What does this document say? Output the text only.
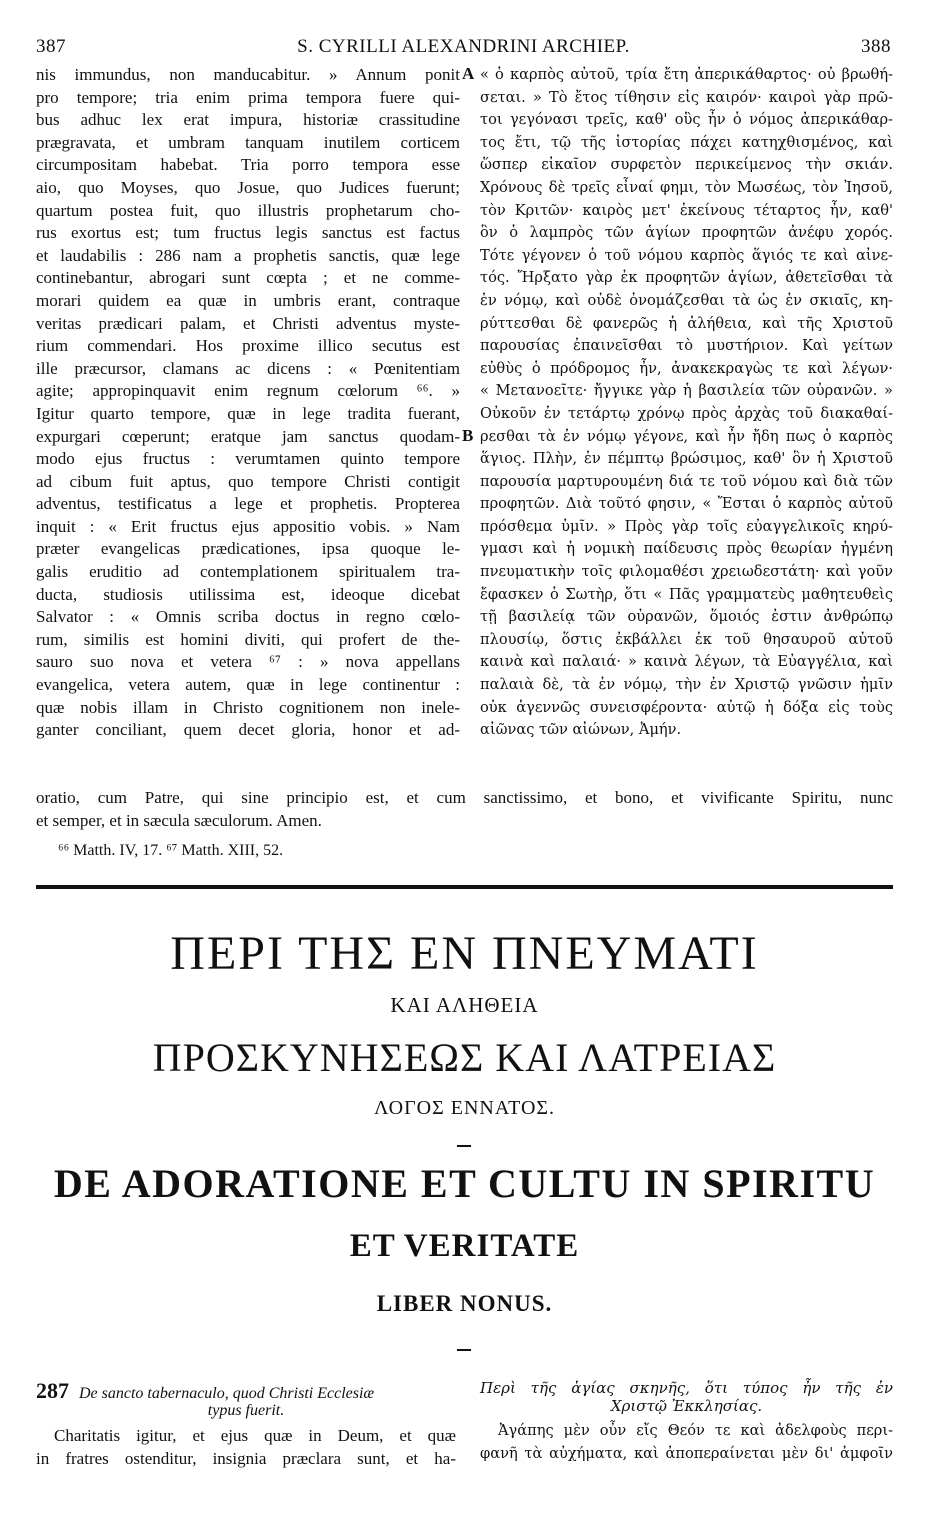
387	S. CYRILLI ALEXANDRINI ARCHIEP.	388
nis immundus, non manducabitur. » Annum ponit
pro tempore; tria enim prima tempora fuere qui-
bus adhuc lex erat impura, historiæ crassitudine
prægravata, et umbram tanquam inutilem corticem
circumpositam habebat. Tria porro tempora esse
aio, quo Moyses, quo Josue, quo Judices fuerunt;
quartum postea fuit, quo illustris prophetarum cho-
rus exortus est; tum fructus legis sanctus est factus
et laudabilis : 286 nam a prophetis sanctis, quæ lege
continebantur, abrogari sunt cœpta ; et ne comme-
morari quidem ea quæ in umbris erant, contraque
veritas prædicari palam, et Christi adventus myste-
rium commendari. Hos proxime illico secutus est
ille præcursor, clamans ac dicens : « Pœnitentiam
agite; appropinquavit enim regnum cœlorum ⁶⁶. »
Igitur quarto tempore, quæ in lege tradita fuerant,
expurgari cœperunt; eratque jam sanctus quodam-
modo ejus fructus : verumtamen quinto tempore
ad cibum fuit aptus, quo tempore Christi contigit
adventus, testificatus a lege et prophetis. Propterea
inquit : « Erit fructus ejus appositio vobis. » Nam
præter evangelicas prædicationes, ipsa quoque le-
galis eruditio ad contemplationem spiritualem tra-
ducta, studiosis utilissima est, ideoque dicebat
Salvator : « Omnis scriba doctus in regno cœlo-
rum, similis est homini diviti, qui profert de the-
sauro suo nova et vetera ⁶⁷ : » nova appellans
evangelica, vetera autem, quæ in lege continentur :
quæ nobis illam in Christo cognitionem non inele-
ganter conciliant, quem decet gloria, honor et ad-
« ὁ καρπὸς αὐτοῦ, τρία ἔτη ἀπερικάθαρτος· οὐ βρωθή-
σεται. » Τὸ ἔτος τίθησιν εἰς καιρόν· καιροὶ γὰρ πρῶ-
τοι γεγόνασι τρεῖς, καθ' οὓς ἦν ὁ νόμος ἀπερικάθαρ-
τος ἔτι, τῷ τῆς ἱστορίας πάχει κατηχθισμένος, καὶ
ὥσπερ εἰκαῖον συρφετὸν περικείμενος τὴν σκιάν.
Χρόνους δὲ τρεῖς εἶναί φημι, τὸν Μωσέως, τὸν Ἰησοῦ,
τὸν Κριτῶν· καιρὸς μετ' ἐκείνους τέταρτος ἦν, καθ'
ὃν ὁ λαμπρὸς τῶν ἁγίων προφητῶν ἀνέφυ χορός.
Τότε γέγονεν ὁ τοῦ νόμου καρπὸς ἅγιός τε καὶ αἰνε-
τός. Ἤρξατο γὰρ ἐκ προφητῶν ἁγίων, ἀθετεῖσθαι τὰ
ἐν νόμῳ, καὶ οὐδὲ ὀνομάζεσθαι τὰ ὡς ἐν σκιαῖς, κη-
ρύττεσθαι δὲ φανερῶς ἡ ἀλήθεια, καὶ τῆς Χριστοῦ
παρουσίας ἐπαινεῖσθαι τὸ μυστήριον. Καὶ γείτων
εὐθὺς ὁ πρόδρομος ἦν, ἀνακεκραγὼς τε καὶ λέγων·
« Μετανοεῖτε· ἤγγικε γὰρ ἡ βασιλεία τῶν οὐρανῶν. »
Οὐκοῦν ἐν τετάρτῳ χρόνῳ πρὸς ἀρχὰς τοῦ διακαθαί-
ρεσθαι τὰ ἐν νόμῳ γέγονε, καὶ ἦν ἤδη πως ὁ καρπὸς
ἅγιος. Πλὴν, ἐν πέμπτῳ βρώσιμος, καθ' ὃν ἡ Χριστοῦ
παρουσία μαρτυρουμένη διά τε τοῦ νόμου καὶ διὰ τῶν
προφητῶν. Διὰ τοῦτό φησιν, « Ἔσται ὁ καρπὸς αὐτοῦ
πρόσθεμα ὑμῖν. » Πρὸς γὰρ τοῖς εὐαγγελικοῖς κηρύ-
γμασι καὶ ἡ νομικὴ παίδευσις πρὸς θεωρίαν ἠγμένη
πνευματικὴν τοῖς φιλομαθέσι χρειωδεστάτη· καὶ γοῦν
ἔφασκεν ὁ Σωτὴρ, ὅτι « Πᾶς γραμματεὺς μαθητευθεὶς
τῇ βασιλείᾳ τῶν οὐρανῶν, ὅμοιός ἐστιν ἀνθρώπῳ
πλουσίῳ, ὅστις ἐκβάλλει ἐκ τοῦ θησαυροῦ αὐτοῦ
καινὰ καὶ παλαιά· » καινὰ λέγων, τὰ Εὐαγγέλια, καὶ
παλαιὰ δὲ, τὰ ἐν νόμῳ, τὴν ἐν Χριστῷ γνῶσιν ἡμῖν
οὐκ ἀγεννῶς συνεισφέροντα· αὐτῷ ἡ δόξα εἰς τοὺς
αἰῶνας τῶν αἰώνων, Ἀμήν.
A
B
oratio, cum Patre, qui sine principio est, et cum sanctissimo, et bono, et vivificante Spiritu, nunc
et semper, et in sæcula sæculorum. Amen.
⁶⁶ Matth. IV, 17. ⁶⁷ Matth. XIII, 52.
ΠΕΡΙ ΤΗΣ ΕΝ ΠΝΕΥΜΑΤΙ
ΚΑΙ ΑΛΗΘΕΙΑ
ΠΡΟΣΚΥΝΗΣΕΩΣ ΚΑΙ ΛΑΤΡΕΙΑΣ
ΛΟΓΟΣ ΕΝΝΑΤΟΣ.
DE ADORATIONE ET CULTU IN SPIRITU
ET VERITATE
LIBER NONUS.
287 De sancto tabernaculo, quod Christi Ecclesiæ
typus fuerit.
Charitatis igitur, et ejus quæ in Deum, et quæ
in fratres ostenditur, insignia præclara sunt, et ha-
Περὶ τῆς ἁγίας σκηνῆς, ὅτι τύπος ἦν τῆς ἐν
Χριστῷ Ἐκκλησίας.
Ἀγάπης μὲν οὖν εἴς Θεόν τε καὶ ἀδελφοὺς περι-
φανῆ τὰ αὐχήματα, καὶ ἀποπεραίνεται μὲν δι' ἀμφοῖν
